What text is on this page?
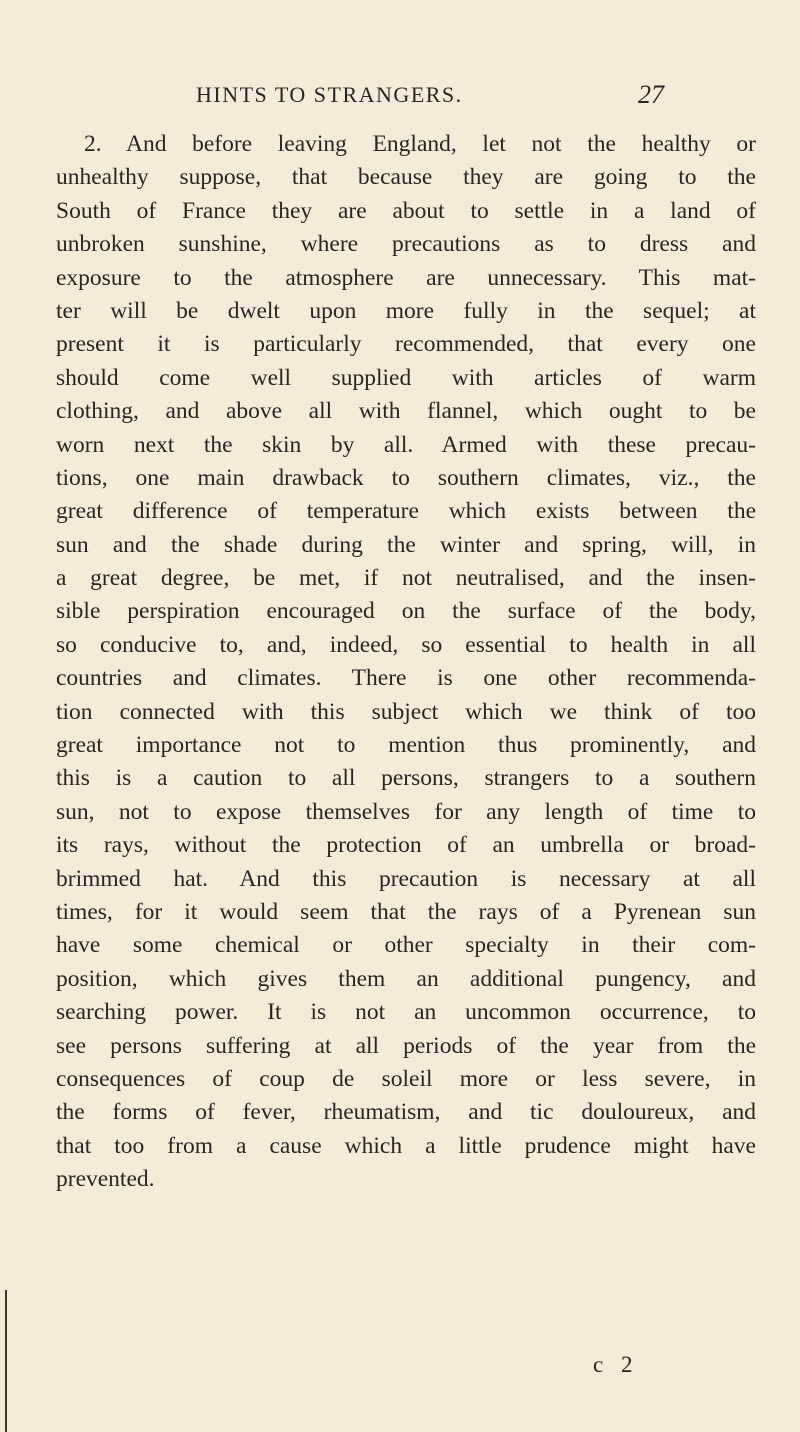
HINTS TO STRANGERS.	27
2. And before leaving England, let not the healthy or
unhealthy suppose, that because they are going to the
South of France they are about to settle in a land of
unbroken sunshine, where precautions as to dress and
exposure to the atmosphere are unnecessary. This mat-
ter will be dwelt upon more fully in the sequel; at
present it is particularly recommended, that every one
should come well supplied with articles of warm
clothing, and above all with flannel, which ought to be
worn next the skin by all. Armed with these precau-
tions, one main drawback to southern climates, viz., the
great difference of temperature which exists between the
sun and the shade during the winter and spring, will, in
a great degree, be met, if not neutralised, and the insen-
sible perspiration encouraged on the surface of the body,
so conducive to, and, indeed, so essential to health in all
countries and climates. There is one other recommenda-
tion connected with this subject which we think of too
great importance not to mention thus prominently, and
this is a caution to all persons, strangers to a southern
sun, not to expose themselves for any length of time to
its rays, without the protection of an umbrella or broad-
brimmed hat. And this precaution is necessary at all
times, for it would seem that the rays of a Pyrenean sun
have some chemical or other specialty in their com-
position, which gives them an additional pungency, and
searching power. It is not an uncommon occurrence, to
see persons suffering at all periods of the year from the
consequences of coup de soleil more or less severe, in
the forms of fever, rheumatism, and tic douloureux, and
that too from a cause which a little prudence might have
prevented.
c 2
